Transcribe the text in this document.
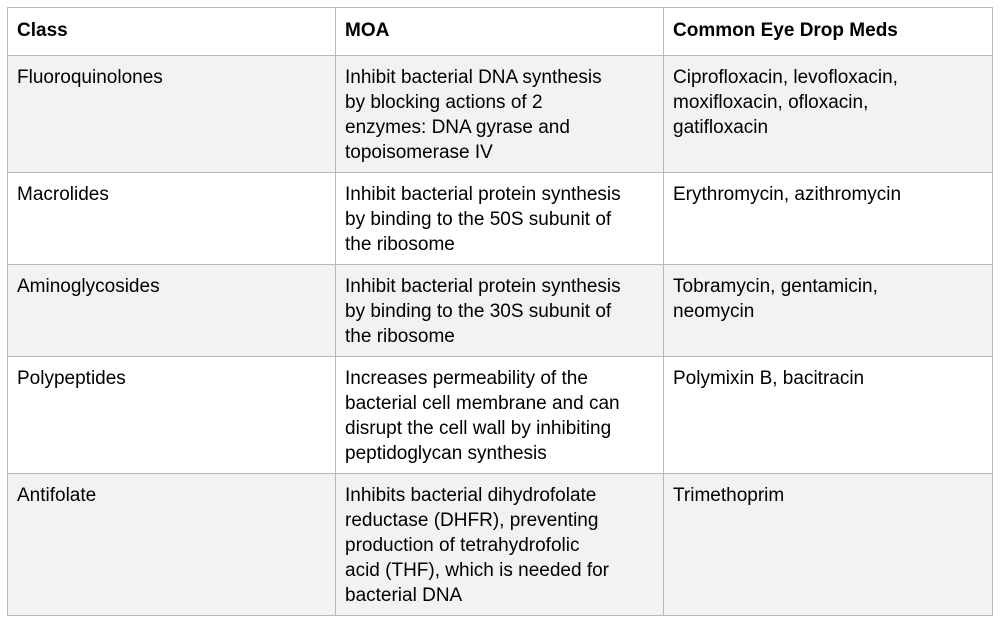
Class	MOA	Common Eye Drop Meds
Fluoroquinolones	Inhibit bacterial DNA synthesis
by blocking actions of 2
enzymes: DNA gyrase and
topoisomerase IV	Ciprofloxacin, levofloxacin,
moxifloxacin, ofloxacin,
gatifloxacin
Macrolides	Inhibit bacterial protein synthesis
by binding to the 50S subunit of
the ribosome	Erythromycin, azithromycin
Aminoglycosides	Inhibit bacterial protein synthesis
by binding to the 30S subunit of
the ribosome	Tobramycin, gentamicin,
neomycin
Polypeptides	Increases permeability of the
bacterial cell membrane and can
disrupt the cell wall by inhibiting
peptidoglycan synthesis	Polymixin B, bacitracin
Antifolate	Inhibits bacterial dihydrofolate
reductase (DHFR), preventing
production of tetrahydrofolic
acid (THF), which is needed for
bacterial DNA	Trimethoprim
